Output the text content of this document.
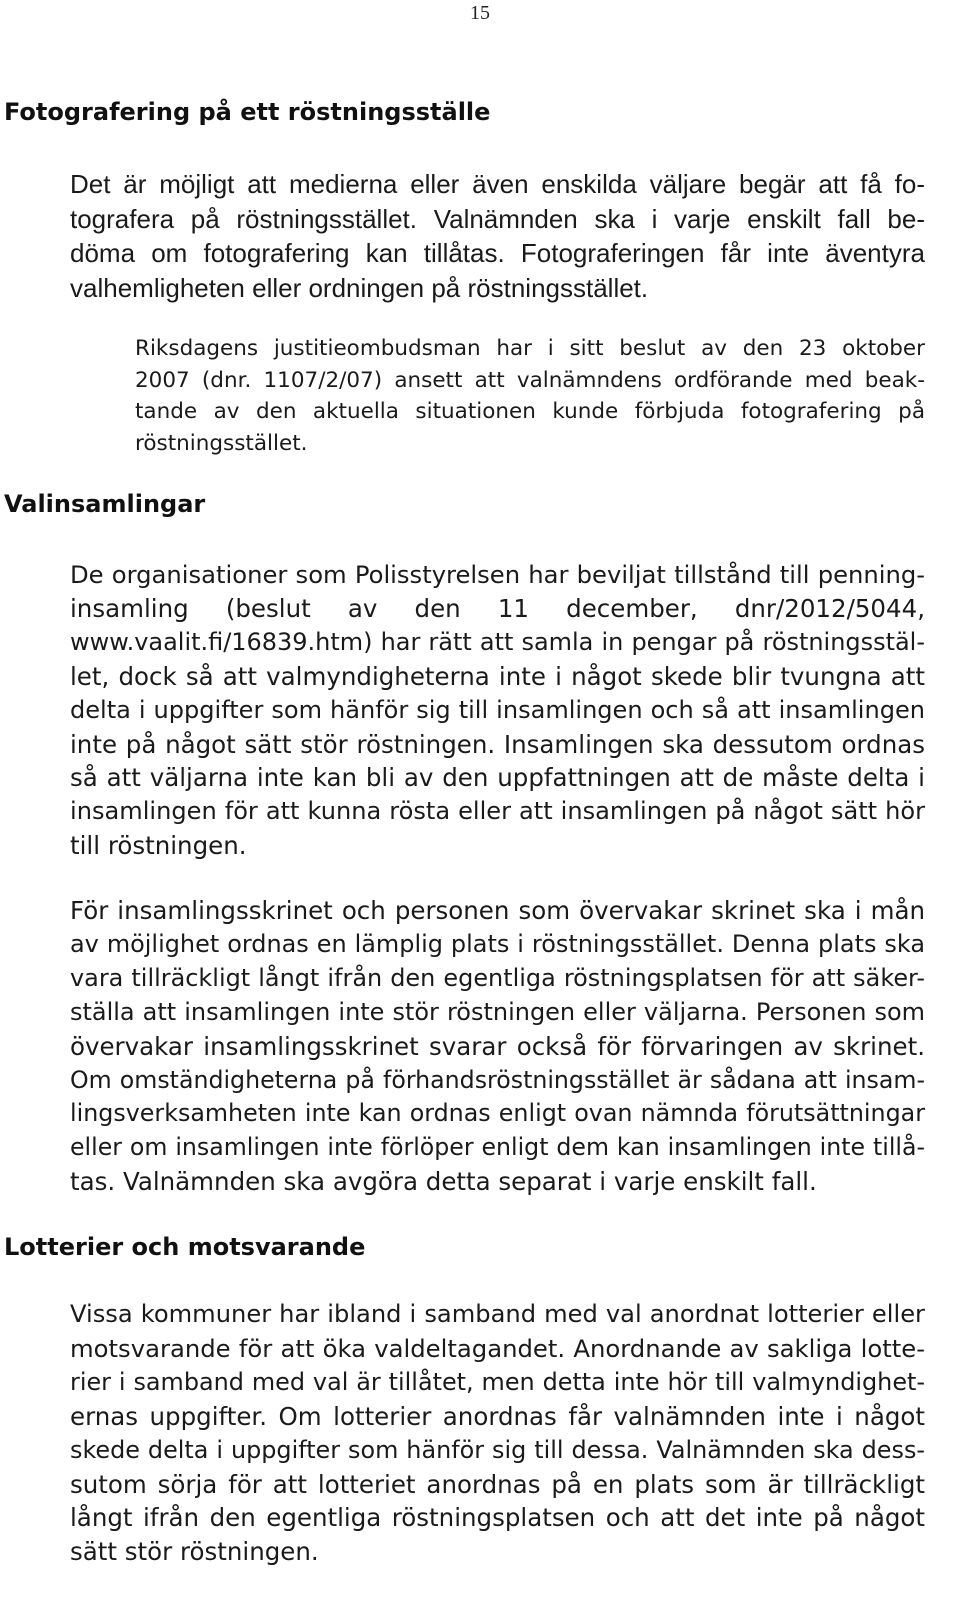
15
Fotografering på ett röstningsställe
Det är möjligt att medierna eller även enskilda väljare begär att få fo-
tografera på röstningsstället. Valnämnden ska i varje enskilt fall be-
döma om fotografering kan tillåtas. Fotograferingen får inte äventyra
valhemligheten eller ordningen på röstningsstället.
Riksdagens justitieombudsman har i sitt beslut av den 23 oktober
2007 (dnr. 1107/2/07) ansett att valnämndens ordförande med beak-
tande av den aktuella situationen kunde förbjuda fotografering på
röstningsstället.
Valinsamlingar
De organisationer som Polisstyrelsen har beviljat tillstånd till penning-
insamling (beslut av den 11 december, dnr/2012/5044,
www.vaalit.fi/16839.htm) har rätt att samla in pengar på röstningsstäl-
let, dock så att valmyndigheterna inte i något skede blir tvungna att
delta i uppgifter som hänför sig till insamlingen och så att insamlingen
inte på något sätt stör röstningen. Insamlingen ska dessutom ordnas
så att väljarna inte kan bli av den uppfattningen att de måste delta i
insamlingen för att kunna rösta eller att insamlingen på något sätt hör
till röstningen.
För insamlingsskrinet och personen som övervakar skrinet ska i mån
av möjlighet ordnas en lämplig plats i röstningsstället. Denna plats ska
vara tillräckligt långt ifrån den egentliga röstningsplatsen för att säker-
ställa att insamlingen inte stör röstningen eller väljarna. Personen som
övervakar insamlingsskrinet svarar också för förvaringen av skrinet.
Om omständigheterna på förhandsröstningsstället är sådana att insam-
lingsverksamheten inte kan ordnas enligt ovan nämnda förutsättningar
eller om insamlingen inte förlöper enligt dem kan insamlingen inte tillå-
tas. Valnämnden ska avgöra detta separat i varje enskilt fall.
Lotterier och motsvarande
Vissa kommuner har ibland i samband med val anordnat lotterier eller
motsvarande för att öka valdeltagandet. Anordnande av sakliga lotte-
rier i samband med val är tillåtet, men detta inte hör till valmyndighet-
ernas uppgifter. Om lotterier anordnas får valnämnden inte i något
skede delta i uppgifter som hänför sig till dessa. Valnämnden ska dess-
sutom sörja för att lotteriet anordnas på en plats som är tillräckligt
långt ifrån den egentliga röstningsplatsen och att det inte på något
sätt stör röstningen.
